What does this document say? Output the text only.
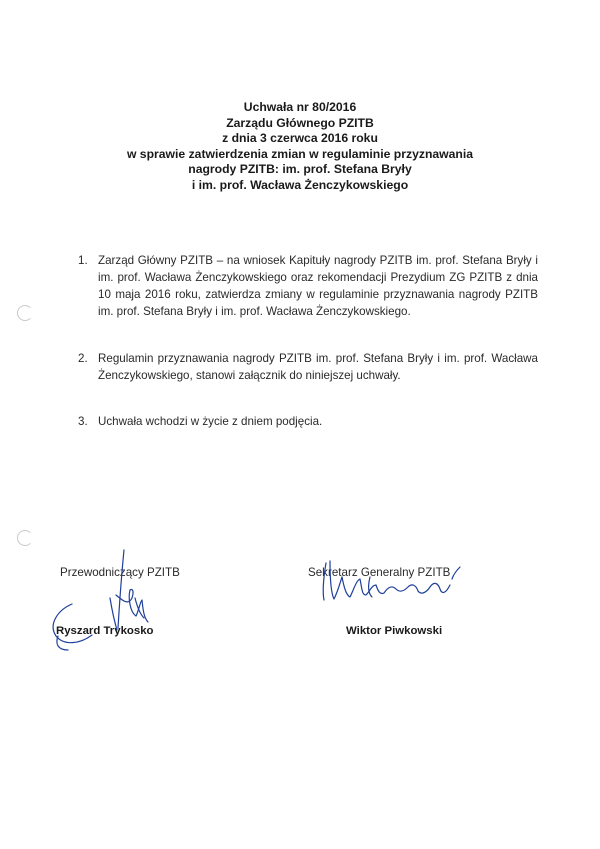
Uchwała nr 80/2016
Zarządu Głównego PZITB
z dnia 3 czerwca 2016 roku
w sprawie zatwierdzenia zmian w regulaminie przyznawania
nagrody PZITB: im. prof. Stefana Bryły
i im. prof. Wacława Żenczykowskiego
1. Zarząd Główny PZITB – na wniosek Kapituły nagrody PZITB im. prof. Stefana Bryły i im. prof. Wacława Żenczykowskiego oraz rekomendacji Prezydium ZG PZITB z dnia 10 maja 2016 roku, zatwierdza zmiany w regulaminie przyznawania nagrody PZITB im. prof. Stefana Bryły i im. prof. Wacława Żenczykowskiego.
2. Regulamin przyznawania nagrody PZITB im. prof. Stefana Bryły i im. prof. Wacława Żenczykowskiego, stanowi załącznik do niniejszej uchwały.
3. Uchwała wchodzi w życie z dniem podjęcia.
Przewodniczący PZITB
Ryszard Trykosko
Sekretarz Generalny PZITB
Wiktor Piwkowski
